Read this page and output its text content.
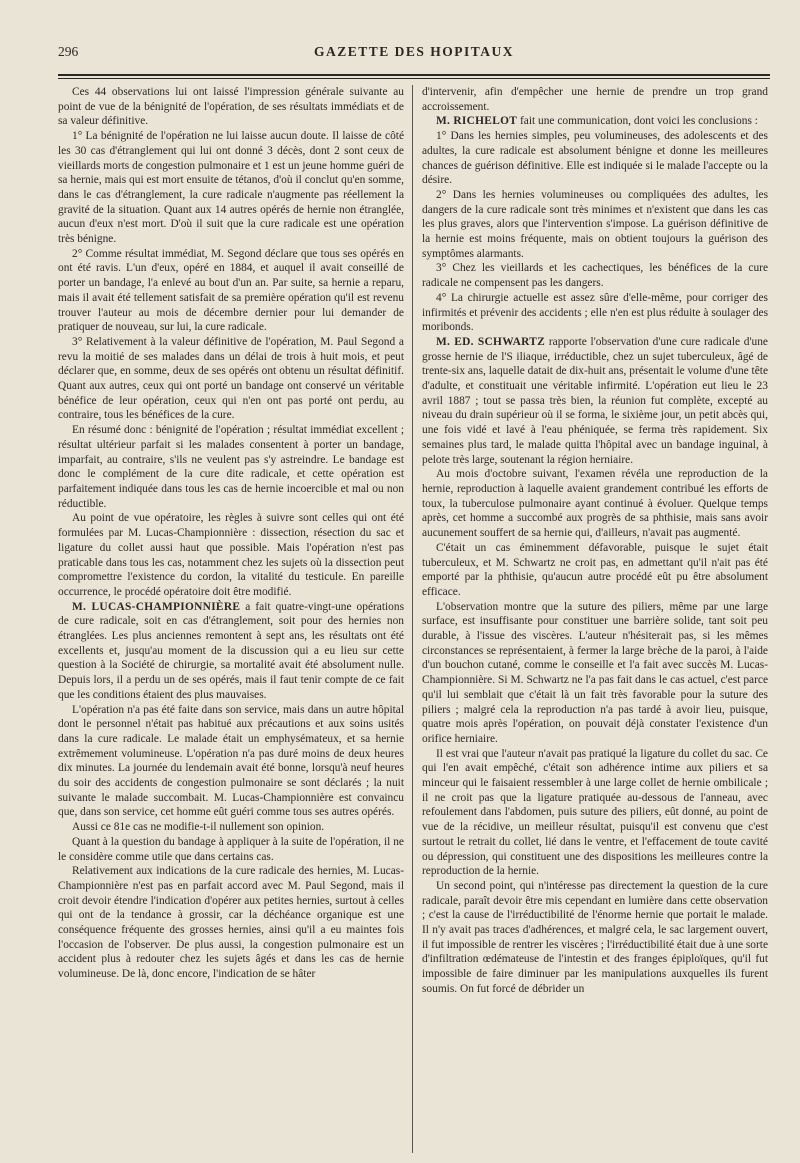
296	GAZETTE DES HOPITAUX

Ces 44 observations lui ont laissé l'impression générale suivante au point de vue de la bénignité de l'opération, de ses résultats immédiats et de sa valeur définitive.

1° La bénignité de l'opération ne lui laisse aucun doute. Il laisse de côté les 30 cas d'étranglement qui lui ont donné 3 décès, dont 2 sont ceux de vieillards morts de congestion pulmonaire et 1 est un jeune homme guéri de sa hernie, mais qui est mort ensuite de tétanos, d'où il conclut qu'en somme, dans le cas d'étranglement, la cure radicale n'augmente pas réellement la gravité de la situation. Quant aux 14 autres opérés de hernie non étranglée, aucun d'eux n'est mort. D'où il suit que la cure radicale est une opération très bénigne.

2° Comme résultat immédiat, M. Segond déclare que tous ses opérés en ont été ravis. L'un d'eux, opéré en 1884, et auquel il avait conseillé de porter un bandage, l'a enlevé au bout d'un an. Par suite, sa hernie a reparu, mais il avait été tellement satisfait de sa première opération qu'il est revenu trouver l'auteur au mois de décembre dernier pour lui demander de pratiquer de nouveau, sur lui, la cure radicale.

3° Relativement à la valeur définitive de l'opération, M. Paul Segond a revu la moitié de ses malades dans un délai de trois à huit mois, et peut déclarer que, en somme, deux de ses opérés ont obtenu un résultat définitif. Quant aux autres, ceux qui ont porté un bandage ont conservé un véritable bénéfice de leur opération, ceux qui n'en ont pas porté ont perdu, au contraire, tous les bénéfices de la cure.

En résumé donc : bénignité de l'opération ; résultat immédiat excellent ; résultat ultérieur parfait si les malades consentent à porter un bandage, imparfait, au contraire, s'ils ne veulent pas s'y astreindre. Le bandage est donc le complément de la cure dite radicale, et cette opération est parfaitement indiquée dans tous les cas de hernie incoercible et mal ou non réductible.

Au point de vue opératoire, les règles à suivre sont celles qui ont été formulées par M. Lucas-Championnière : dissection, résection du sac et ligature du collet aussi haut que possible. Mais l'opération n'est pas praticable dans tous les cas, notamment chez les sujets où la dissection peut compromettre l'existence du cordon, la vitalité du testicule. En pareille occurrence, le procédé opératoire doit être modifié.

M. LUCAS-CHAMPIONNIÈRE a fait quatre-vingt-une opérations de cure radicale, soit en cas d'étranglement, soit pour des hernies non étranglées. Les plus anciennes remontent à sept ans, les résultats ont été excellents et, jusqu'au moment de la discussion qui a eu lieu sur cette question à la Société de chirurgie, sa mortalité avait été absolument nulle. Depuis lors, il a perdu un de ses opérés, mais il faut tenir compte de ce fait que les conditions étaient des plus mauvaises.

L'opération n'a pas été faite dans son service, mais dans un autre hôpital dont le personnel n'était pas habitué aux précautions et aux soins usités dans la cure radicale. Le malade était un emphysémateux, et sa hernie extrêmement volumineuse. L'opération n'a pas duré moins de deux heures dix minutes. La journée du lendemain avait été bonne, lorsqu'à neuf heures du soir des accidents de congestion pulmonaire se sont déclarés ; la nuit suivante le malade succombait. M. Lucas-Championnière est convaincu que, dans son service, cet homme eût guéri comme tous ses autres opérés.

Aussi ce 81e cas ne modifie-t-il nullement son opinion.

Quant à la question du bandage à appliquer à la suite de l'opération, il ne le considère comme utile que dans certains cas.

Relativement aux indications de la cure radicale des hernies, M. Lucas-Championnière n'est pas en parfait accord avec M. Paul Segond, mais il croit devoir étendre l'indication d'opérer aux petites hernies, surtout à celles qui ont de la tendance à grossir, car la déchéance organique est une conséquence fréquente des grosses hernies, ainsi qu'il a eu maintes fois l'occasion de l'observer. De plus aussi, la congestion pulmonaire est un accident plus à redouter chez les sujets âgés et dans les cas de hernie volumineuse. De là, donc encore, l'indication de se hâter

d'intervenir, afin d'empêcher une hernie de prendre un trop grand accroissement.

M. RICHELOT fait une communication, dont voici les conclusions :

1° Dans les hernies simples, peu volumineuses, des adolescents et des adultes, la cure radicale est absolument bénigne et donne les meilleures chances de guérison définitive. Elle est indiquée si le malade l'accepte ou la désire.

2° Dans les hernies volumineuses ou compliquées des adultes, les dangers de la cure radicale sont très minimes et n'existent que dans les cas les plus graves, alors que l'intervention s'impose. La guérison définitive de la hernie est moins fréquente, mais on obtient toujours la guérison des symptômes alarmants.

3° Chez les vieillards et les cachectiques, les bénéfices de la cure radicale ne compensent pas les dangers.

4° La chirurgie actuelle est assez sûre d'elle-même, pour corriger des infirmités et prévenir des accidents ; elle n'en est plus réduite à soulager des moribonds.

M. ED. SCHWARTZ rapporte l'observation d'une cure radicale d'une grosse hernie de l'S iliaque, irréductible, chez un sujet tuberculeux, âgé de trente-six ans, laquelle datait de dix-huit ans, présentait le volume d'une tête d'adulte, et constituait une véritable infirmité. L'opération eut lieu le 23 avril 1887 ; tout se passa très bien, la réunion fut complète, excepté au niveau du drain supérieur où il se forma, le sixième jour, un petit abcès qui, une fois vidé et lavé à l'eau phéniquée, se ferma très rapidement. Six semaines plus tard, le malade quitta l'hôpital avec un bandage inguinal, à pelote très large, soutenant la région herniaire.

Au mois d'octobre suivant, l'examen révéla une reproduction de la hernie, reproduction à laquelle avaient grandement contribué les efforts de toux, la tuberculose pulmonaire ayant continué à évoluer. Quelque temps après, cet homme a succombé aux progrès de sa phthisie, mais sans avoir aucunement souffert de sa hernie qui, d'ailleurs, n'avait pas augmenté.

C'était un cas éminemment défavorable, puisque le sujet était tuberculeux, et M. Schwartz ne croit pas, en admettant qu'il n'ait pas été emporté par la phthisie, qu'aucun autre procédé eût pu être absolument efficace.

L'observation montre que la suture des piliers, même par une large surface, est insuffisante pour constituer une barrière solide, tant soit peu durable, à l'issue des viscères. L'auteur n'hésiterait pas, si les mêmes circonstances se représentaient, à fermer la large brèche de la paroi, à l'aide d'un bouchon cutané, comme le conseille et l'a fait avec succès M. Lucas-Championnière. Si M. Schwartz ne l'a pas fait dans le cas actuel, c'est parce qu'il lui semblait que c'était là un fait très favorable pour la suture des piliers ; malgré cela la reproduction n'a pas tardé à avoir lieu, puisque, quatre mois après l'opération, on pouvait déjà constater l'existence d'un orifice herniaire.

Il est vrai que l'auteur n'avait pas pratiqué la ligature du collet du sac. Ce qui l'en avait empêché, c'était son adhérence intime aux piliers et sa minceur qui le faisaient ressembler à une large collet de hernie ombilicale ; il ne croit pas que la ligature pratiquée au-dessous de l'anneau, avec refoulement dans l'abdomen, puis suture des piliers, eût donné, au point de vue de la récidive, un meilleur résultat, puisqu'il est convenu que c'est surtout le retrait du collet, lié dans le ventre, et l'effacement de toute cavité ou dépression, qui constituent une des dispositions les meilleures contre la reproduction de la hernie.

Un second point, qui n'intéresse pas directement la question de la cure radicale, paraît devoir être mis cependant en lumière dans cette observation ; c'est la cause de l'irréductibilité de l'énorme hernie que portait le malade. Il n'y avait pas traces d'adhérences, et malgré cela, le sac largement ouvert, il fut impossible de rentrer les viscères ; l'irréductibilité était due à une sorte d'infiltration œdémateuse de l'intestin et des franges épiploïques, qu'il fut impossible de faire diminuer par les manipulations auxquelles ils furent soumis. On fut forcé de débrider un
